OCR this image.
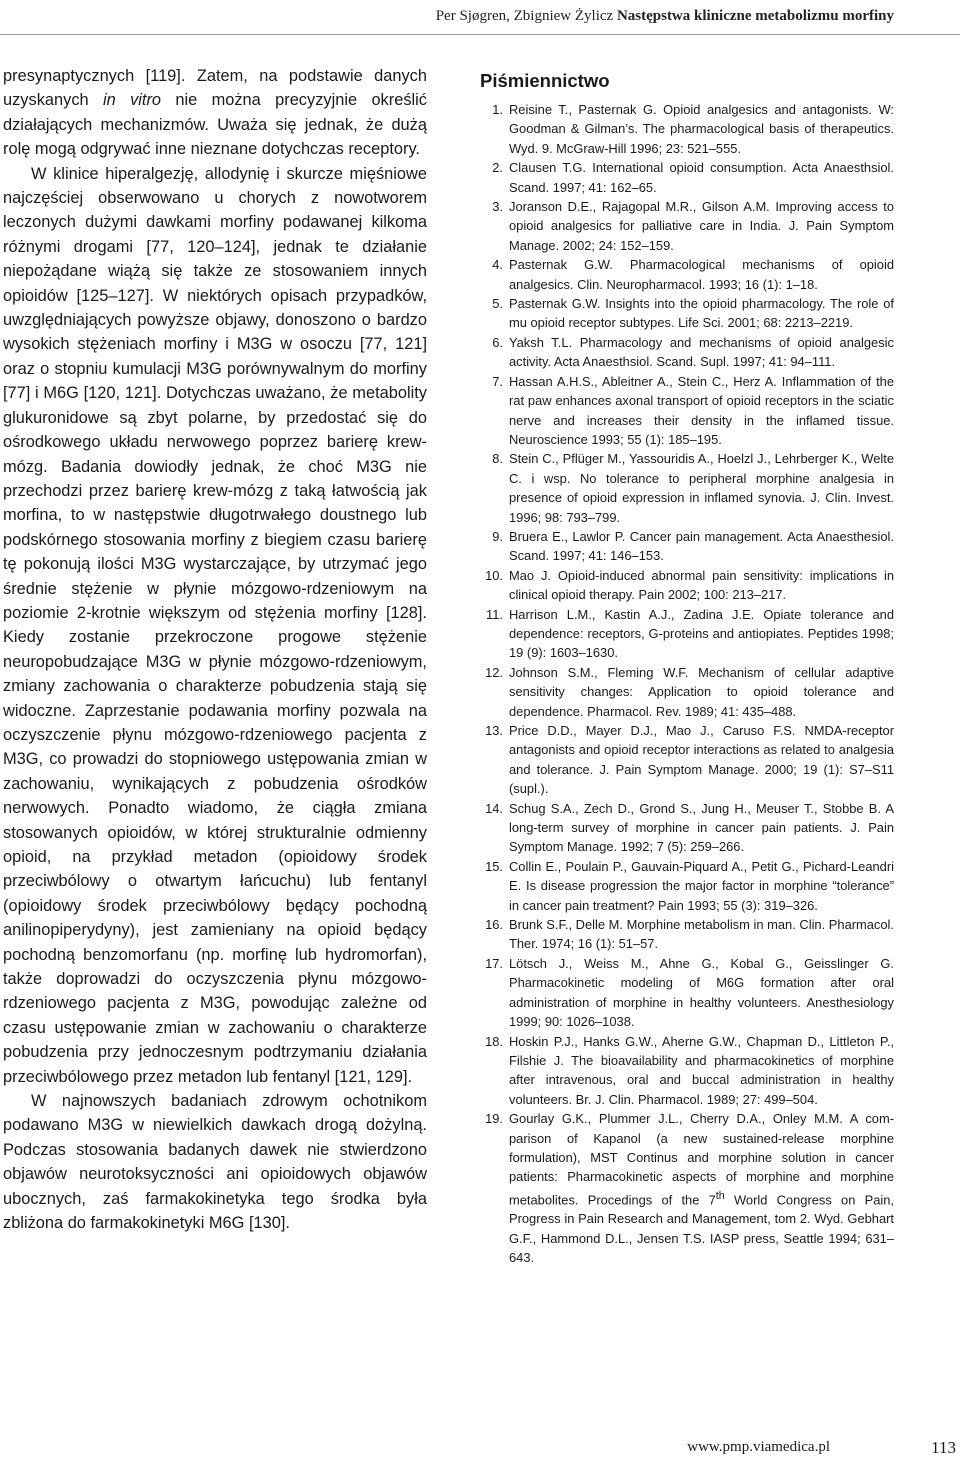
Per Sjøgren, Zbigniew Żylicz Następstwa kliniczne metabolizmu morfiny

presynaptycznych [119]. Zatem, na podstawie danych uzyskanych in vitro nie można precyzyjnie określić działających mechanizmów. Uważa się jednak, że dużą rolę mogą odgrywać inne nieznane dotychczas receptory.

W klinice hiperalgezję, allodynię i skurcze mięśniowe najczęściej obserwowano u chorych z nowotworem leczonych dużymi dawkami morfiny podawanej kilkoma różnymi drogami [77, 120–124], jednak te działanie niepożądane wiążą się także ze stosowaniem innych opioidów [125–127]. W niektórych opisach przypadków, uwzględniających powyższe objawy, donoszono o bardzo wysokich stężeniach morfiny i M3G w osoczu [77, 121] oraz o stopniu kumulacji M3G porównywalnym do morfiny [77] i M6G [120, 121]. Dotychczas uważano, że metabolity glukuronidowe są zbyt polarne, by przedostać się do ośrodkowego układu nerwowego poprzez barierę krew-mózg. Badania dowiodły jednak, że choć M3G nie przechodzi przez barierę krew-mózg z taką łatwością jak morfina, to w następstwie długotrwałego doustnego lub podskórnego stosowania morfiny z biegiem czasu barierę tę pokonują ilości M3G wystarczające, by utrzymać jego średnie stężenie w płynie mózgowo-rdzeniowym na poziomie 2-krotnie większym od stężenia morfiny [128]. Kiedy zostanie przekroczone progowe stężenie neuropobudzające M3G w płynie mózgowo-rdzeniowym, zmiany zachowania o charakterze pobudzenia stają się widoczne. Zaprzestanie podawania morfiny pozwala na oczyszczenie płynu mózgowo-rdzeniowego pacjenta z M3G, co prowadzi do stopniowego ustępowania zmian w zachowaniu, wynikających z pobudzenia ośrodków nerwowych. Ponadto wiadomo, że ciągła zmiana stosowanych opioidów, w której strukturalnie odmienny opioid, na przykład metadon (opioidowy środek przeciwbólowy o otwartym łańcuchu) lub fentanyl (opioidowy środek przeciwbólowy będący pochodną anilinopiperydyny), jest zamieniany na opioid będący pochodną benzomorfanu (np. morfinę lub hydromorfan), także doprowadzi do oczyszczenia płynu mózgowo-rdzeniowego pacjenta z M3G, powodując zależne od czasu ustępowanie zmian w zachowaniu o charakterze pobudzenia przy jednoczesnym podtrzymaniu działania przeciwbólowego przez metadon lub fentanyl [121, 129].

W najnowszych badaniach zdrowym ochotnikom podawano M3G w niewielkich dawkach drogą dożylną. Podczas stosowania badanych dawek nie stwierdzono objawów neurotoksyczności ani opioidowych objawów ubocznych, zaś farmakokinetyka tego środka była zbliżona do farmakokinetyki M6G [130].

Piśmiennictwo
1. Reisine T., Pasternak G. Opioid analgesics and antagonists. W: Goodman & Gilman’s. The pharmacological basis of therapeutics. Wyd. 9. McGraw-Hill 1996; 23: 521–555.
2. Clausen T.G. International opioid consumption. Acta Anaesthsiol. Scand. 1997; 41: 162–65.
3. Joranson D.E., Rajagopal M.R., Gilson A.M. Improving access to opioid analgesics for palliative care in India. J. Pain Symptom Manage. 2002; 24: 152–159.
4. Pasternak G.W. Pharmacological mechanisms of opioid analgesics. Clin. Neuropharmacol. 1993; 16 (1): 1–18.
5. Pasternak G.W. Insights into the opioid pharmacology. The role of mu opioid receptor subtypes. Life Sci. 2001; 68: 2213–2219.
6. Yaksh T.L. Pharmacology and mechanisms of opioid analgesic activity. Acta Anaesthsiol. Scand. Supl. 1997; 41: 94–111.
7. Hassan A.H.S., Ableitner A., Stein C., Herz A. Inflammation of the rat paw enhances axonal transport of opioid receptors in the sciatic nerve and increases their density in the inflamed tissue. Neuroscience 1993; 55 (1): 185–195.
8. Stein C., Pflüger M., Yassouridis A., Hoelzl J., Lehrberger K., Welte C. i wsp. No tolerance to peripheral morphine analgesia in presence of opioid expression in inflamed synovia. J. Clin. Invest. 1996; 98: 793–799.
9. Bruera E., Lawlor P. Cancer pain management. Acta Anaesthesiol. Scand. 1997; 41: 146–153.
10. Mao J. Opioid-induced abnormal pain sensitivity: implications in clinical opioid therapy. Pain 2002; 100: 213–217.
11. Harrison L.M., Kastin A.J., Zadina J.E. Opiate tolerance and dependence: receptors, G-proteins and antiopiates. Peptides 1998; 19 (9): 1603–1630.
12. Johnson S.M., Fleming W.F. Mechanism of cellular adaptive sensitivity changes: Application to opioid tolerance and dependence. Pharmacol. Rev. 1989; 41: 435–488.
13. Price D.D., Mayer D.J., Mao J., Caruso F.S. NMDA-receptor antagonists and opioid receptor interactions as related to analgesia and tolerance. J. Pain Symptom Manage. 2000; 19 (1): S7–S11 (supl.).
14. Schug S.A., Zech D., Grond S., Jung H., Meuser T., Stobbe B. A long-term survey of morphine in cancer pain patients. J. Pain Symptom Manage. 1992; 7 (5): 259–266.
15. Collin E., Poulain P., Gauvain-Piquard A., Petit G., Pichard-Leandri E. Is disease progression the major factor in morphine “tolerance” in cancer pain treatment? Pain 1993; 55 (3): 319–326.
16. Brunk S.F., Delle M. Morphine metabolism in man. Clin. Pharmacol. Ther. 1974; 16 (1): 51–57.
17. Lötsch J., Weiss M., Ahne G., Kobal G., Geisslinger G. Pharmacokinetic modeling of M6G formation after oral administration of morphine in healthy volunteers. Anesthesiology 1999; 90: 1026–1038.
18. Hoskin P.J., Hanks G.W., Aherne G.W., Chapman D., Littleton P., Filshie J. The bioavailability and pharmacokinetics of morphine after intravenous, oral and buccal administration in healthy volunteers. Br. J. Clin. Pharmacol. 1989; 27: 499–504.
19. Gourlay G.K., Plummer J.L., Cherry D.A., Onley M.M. A com-parison of Kapanol (a new sustained-release morphine formulation), MST Continus and morphine solution in cancer patients: Pharmacokinetic aspects of morphine and morphine metabolites. Procedings of the 7th World Congress on Pain, Progress in Pain Research and Management, tom 2. Wyd. Gebhart G.F., Hammond D.L., Jensen T.S. IASP press, Seattle 1994; 631–643.
www.pmp.viamedica.pl	113
